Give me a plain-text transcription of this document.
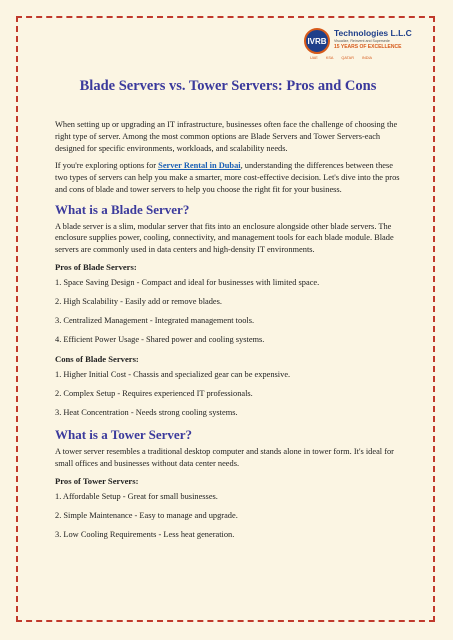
IVRB
Technologies L.L.C
Visualize, Reinvent and Supersede
15 YEARS OF EXCELLENCE
UAE KSA QATAR INDIA
Blade Servers vs. Tower Servers: Pros and Cons

When setting up or upgrading an IT infrastructure, businesses often face the challenge of choosing the right type of server. Among the most common options are Blade Servers and Tower Servers-each designed for specific environments, workloads, and scalability needs.

If you're exploring options for Server Rental in Dubai, understanding the differences between these two types of servers can help you make a smarter, more cost-effective decision. Let's dive into the pros and cons of blade and tower servers to help you choose the right fit for your business.

What is a Blade Server?

A blade server is a slim, modular server that fits into an enclosure alongside other blade servers. The enclosure supplies power, cooling, connectivity, and management tools for each blade module. Blade servers are commonly used in data centers and high-density IT environments.

Pros of Blade Servers:
1. Space Saving Design - Compact and ideal for businesses with limited space.
2. High Scalability - Easily add or remove blades.
3. Centralized Management - Integrated management tools.
4. Efficient Power Usage - Shared power and cooling systems.
Cons of Blade Servers:
1. Higher Initial Cost - Chassis and specialized gear can be expensive.
2. Complex Setup - Requires experienced IT professionals.
3. Heat Concentration - Needs strong cooling systems.
What is a Tower Server?

A tower server resembles a traditional desktop computer and stands alone in tower form. It's ideal for small offices and businesses without data center needs.

Pros of Tower Servers:
1. Affordable Setup - Great for small businesses.
2. Simple Maintenance - Easy to manage and upgrade.
3. Low Cooling Requirements - Less heat generation.
